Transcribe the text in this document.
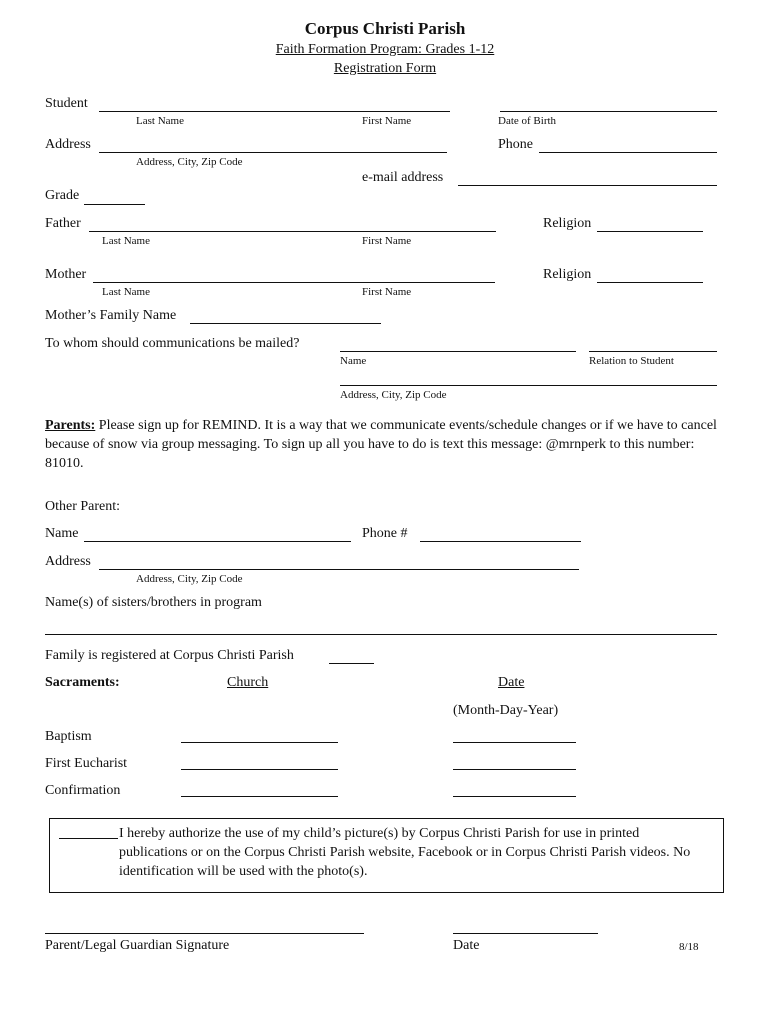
Corpus Christi Parish
Faith Formation Program: Grades 1-12
Registration Form
Student
Last Name	First Name	Date of Birth
Address
Address, City, Zip Code
Phone
e-mail address
Grade
Father
Last Name	First Name
Religion
Mother
Last Name	First Name
Religion
Mother’s Family Name
To whom should communications be mailed?
Name	Relation to Student
Address, City, Zip Code
Parents: Please sign up for REMIND. It is a way that we communicate events/schedule changes or if we have to cancel because of snow via group messaging. To sign up all you have to do is text this message: @mrnperk to this number: 81010.
Other Parent:
Name	Phone #
Address
Address, City, Zip Code
Name(s) of sisters/brothers in program
Family is registered at Corpus Christi Parish
Sacraments:	Church	Date
(Month-Day-Year)
Baptism
First Eucharist
Confirmation
I hereby authorize the use of my child’s picture(s) by Corpus Christi Parish for use in printed publications or on the Corpus Christi Parish website, Facebook or in Corpus Christi Parish videos. No identification will be used with the photo(s).
Parent/Legal Guardian Signature	Date	8/18
